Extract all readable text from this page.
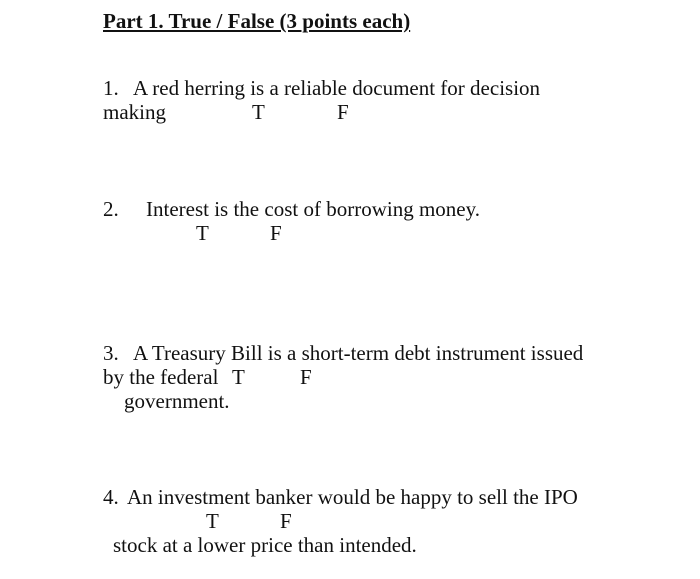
Part 1. True / False (3 points each)
1. A red herring is a reliable document for decision
making	T	F
2. Interest is the cost of borrowing money.
T	F
3. A Treasury Bill is a short-term debt instrument issued
by the federal T	F
government.
4. An investment banker would be happy to sell the IPO
T	F
stock at a lower price than intended.
